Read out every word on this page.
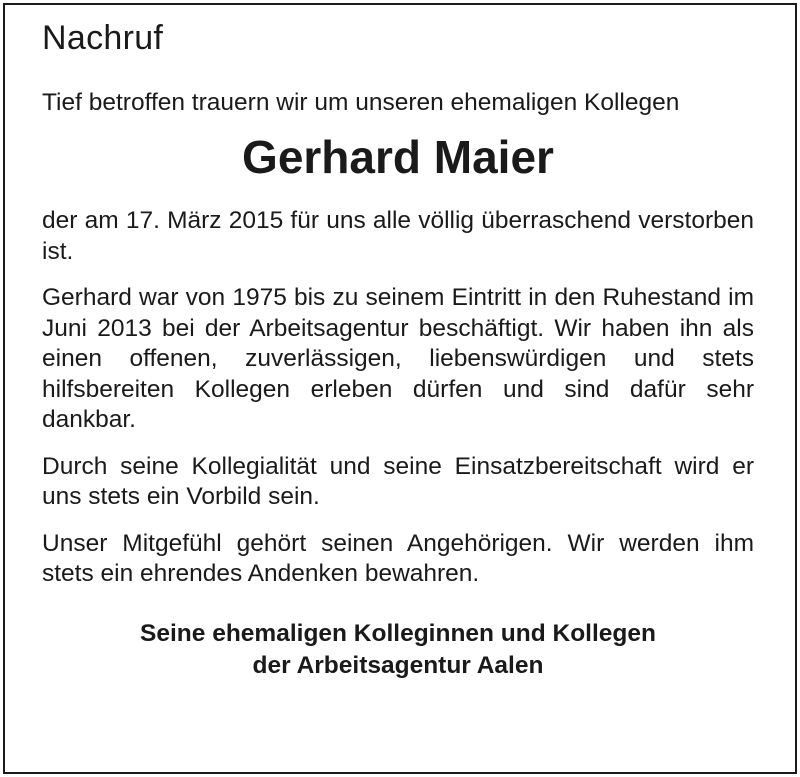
Nachruf

Tief betroffen trauern wir um unseren ehemaligen Kollegen

Gerhard Maier

der am 17. März 2015 für uns alle völlig überraschend verstorben ist.

Gerhard war von 1975 bis zu seinem Eintritt in den Ruhestand im Juni 2013 bei der Arbeitsagentur beschäftigt. Wir haben ihn als einen offenen, zuverlässigen, liebenswürdigen und stets hilfsbereiten Kollegen erleben dürfen und sind dafür sehr dankbar.

Durch seine Kollegialität und seine Einsatzbereitschaft wird er uns stets ein Vorbild sein.

Unser Mitgefühl gehört seinen Angehörigen. Wir werden ihm stets ein ehrendes Andenken bewahren.

Seine ehemaligen Kolleginnen und Kollegen
der Arbeitsagentur Aalen
